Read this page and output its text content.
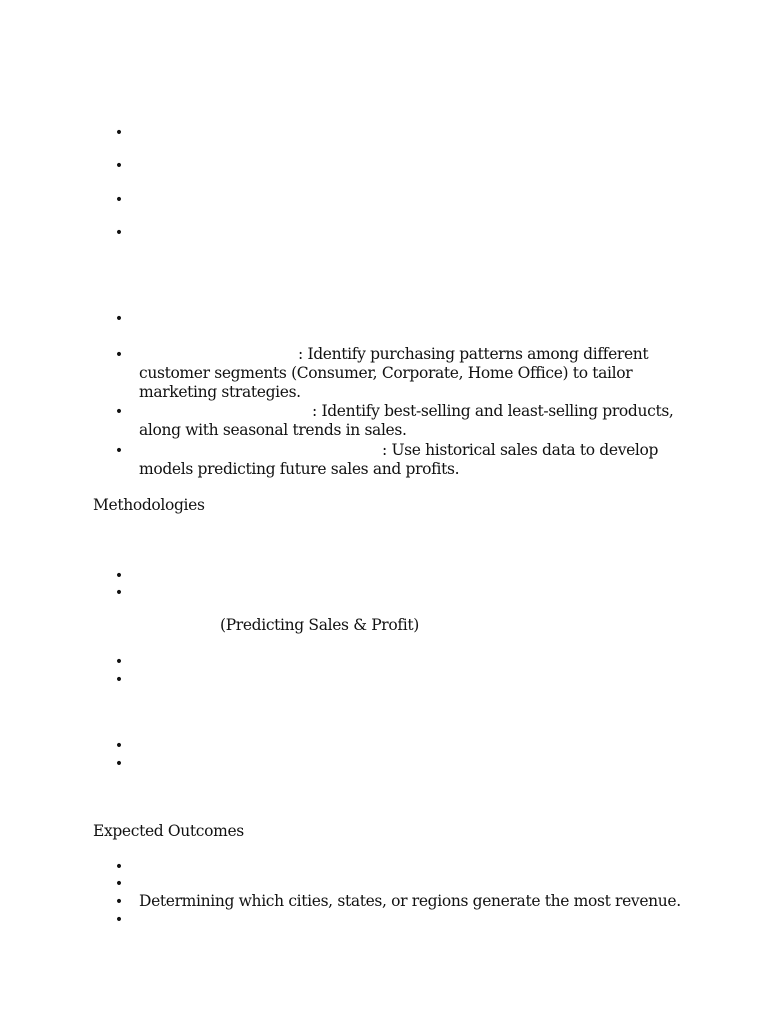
•
•
•
•
•
•	: Identify purchasing patterns among different
customer segments (Consumer, Corporate, Home Office) to tailor
marketing strategies.
•	: Identify best-selling and least-selling products,
along with seasonal trends in sales.
•	: Use historical sales data to develop
models predicting future sales and profits.
Methodologies
•
•
(Predicting Sales & Profit)
•
•
•
•
Expected Outcomes
•
•
• Determining which cities, states, or regions generate the most revenue.
•
